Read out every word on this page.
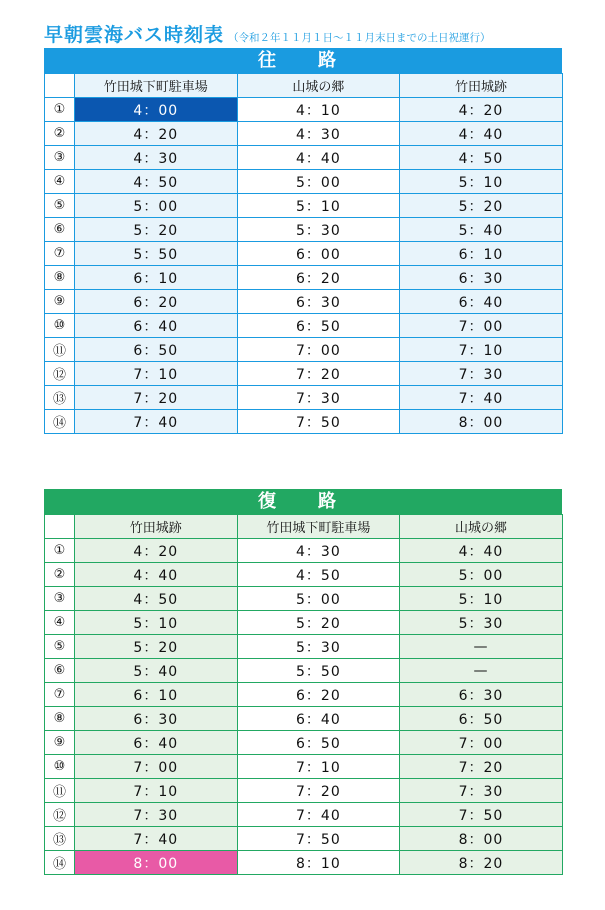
早朝雲海バス時刻表 （令和２年１１月１日～１１月末日までの土日祝運行）
往　路
	竹田城下町駐車場	山城の郷	竹田城跡
①	4：00	4：10	4：20
②	4：20	4：30	4：40
③	4：30	4：40	4：50
④	4：50	5：00	5：10
⑤	5：00	5：10	5：20
⑥	5：20	5：30	5：40
⑦	5：50	6：00	6：10
⑧	6：10	6：20	6：30
⑨	6：20	6：30	6：40
⑩	6：40	6：50	7：00
⑪	6：50	7：00	7：10
⑫	7：10	7：20	7：30
⑬	7：20	7：30	7：40
⑭	7：40	7：50	8：00
復　路
	竹田城跡	竹田城下町駐車場	山城の郷
①	4：20	4：30	4：40
②	4：40	4：50	5：00
③	4：50	5：00	5：10
④	5：10	5：20	5：30
⑤	5：20	5：30	—
⑥	5：40	5：50	—
⑦	6：10	6：20	6：30
⑧	6：30	6：40	6：50
⑨	6：40	6：50	7：00
⑩	7：00	7：10	7：20
⑪	7：10	7：20	7：30
⑫	7：30	7：40	7：50
⑬	7：40	7：50	8：00
⑭	8：00	8：10	8：20
